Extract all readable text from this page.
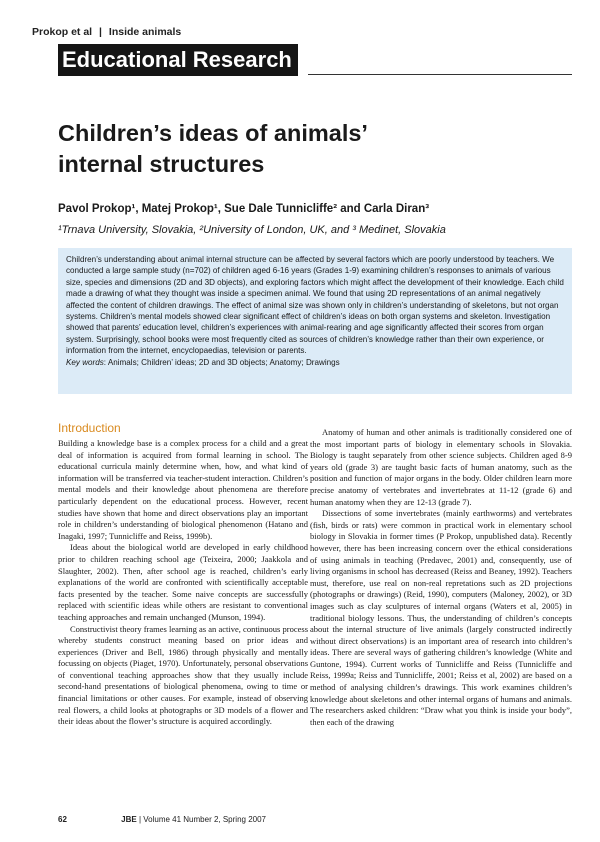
Prokop et al | Inside animals
Educational Research
Children’s ideas of animals’
internal structures
Pavol Prokop¹, Matej Prokop¹, Sue Dale Tunnicliffe² and Carla Diran³
¹Trnava University, Slovakia, ²University of London, UK, and ³ Medinet, Slovakia

Children’s understanding about animal internal structure can be affected by several factors which are poorly understood by teachers. We conducted a large sample study (n=702) of children aged 6-16 years (Grades 1-9) examining children’s responses to animals of various size, species and dimensions (2D and 3D objects), and exploring factors which might affect the development of their knowledge. Each child made a drawing of what they thought was inside a specimen animal. We found that using 2D representations of an animal negatively affected the content of children drawings. The effect of animal size was shown only in children’s understanding of skeletons, but not organ systems. Children’s mental models showed clear significant effect of children’s ideas on both organ systems and skeleton. Investigation showed that parents’ education level, children’s experiences with animal-rearing and age significantly affected their scores from organ system. Surprisingly, school books were most frequently cited as sources of children’s knowledge rather than their own experience, or information from the internet, encyclopaedias, television or parents.

Key words: Animals; Children’ ideas; 2D and 3D objects; Anatomy; Drawings

Introduction

Building a knowledge base is a complex process for a child and a great deal of information is acquired from formal learning in school. The educational curricula mainly determine when, how, and what kind of information will be transferred via teacher-student interaction. Children’s mental models and their knowledge about phenomena are therefore particularly dependent on the educational process. However, recent studies have shown that home and direct observations play an important role in children’s understanding of biological phenomenon (Hatano and Inagaki, 1997; Tunnicliffe and Reiss, 1999b).

Ideas about the biological world are developed in early childhood prior to children reaching school age (Teixeira, 2000; Jaakkola and Slaughter, 2002). Then, after school age is reached, children’s early explanations of the world are confronted with scientifically acceptable facts presented by the teacher. Some naive concepts are successfully replaced with scientific ideas while others are resistant to conventional teaching approaches and remain unchanged (Munson, 1994).

Constructivist theory frames learning as an active, continuous process whereby students construct meaning based on prior ideas and experiences (Driver and Bell, 1986) through physically and mentally focussing on objects (Piaget, 1970). Unfortunately, personal observations of conventional teaching approaches show that they usually include second-hand presentations of biological phenomena, owing to time or financial limitations or other causes. For example, instead of observing real flowers, a child looks at photographs or 3D models of a flower and their ideas about the flower’s structure is acquired accordingly.

Anatomy of human and other animals is traditionally considered one of the most important parts of biology in elementary schools in Slovakia. Biology is taught separately from other science subjects. Children aged 8-9 years old (grade 3) are taught basic facts of human anatomy, such as the position and function of major organs in the body. Older children learn more precise anatomy of vertebrates and invertebrates at 11-12 (grade 6) and human anatomy when they are 12-13 (grade 7).

Dissections of some invertebrates (mainly earthworms) and vertebrates (fish, birds or rats) were common in practical work in elementary school biology in Slovakia in former times (P Prokop, unpublished data). Recently however, there has been increasing concern over the ethical considerations of using animals in teaching (Predavec, 2001) and, consequently, use of living organisms in school has decreased (Reiss and Beaney, 1992). Teachers must, therefore, use real on non-real repretations such as 2D projections (photographs or drawings) (Reid, 1990), computers (Maloney, 2002), or 3D images such as clay sculptures of internal organs (Waters et al, 2005) in traditional biology lessons. Thus, the understanding of children’s concepts about the internal structure of live animals (largely constructed indirectly without direct observations) is an important area of research into children’s ideas. There are several ways of gathering children’s knowledge (White and Guntone, 1994). Current works of Tunnicliffe and Reiss (Tunnicliffe and Reiss, 1999a; Reiss and Tunnicliffe, 2001; Reiss et al, 2002) are based on a method of analysing children’s drawings. This work examines children’s knowledge about skeletons and other internal organs of humans and animals. The researchers asked children: “Draw what you think is inside your body”, then each of the drawing

62	JBE | Volume 41 Number 2, Spring 2007
